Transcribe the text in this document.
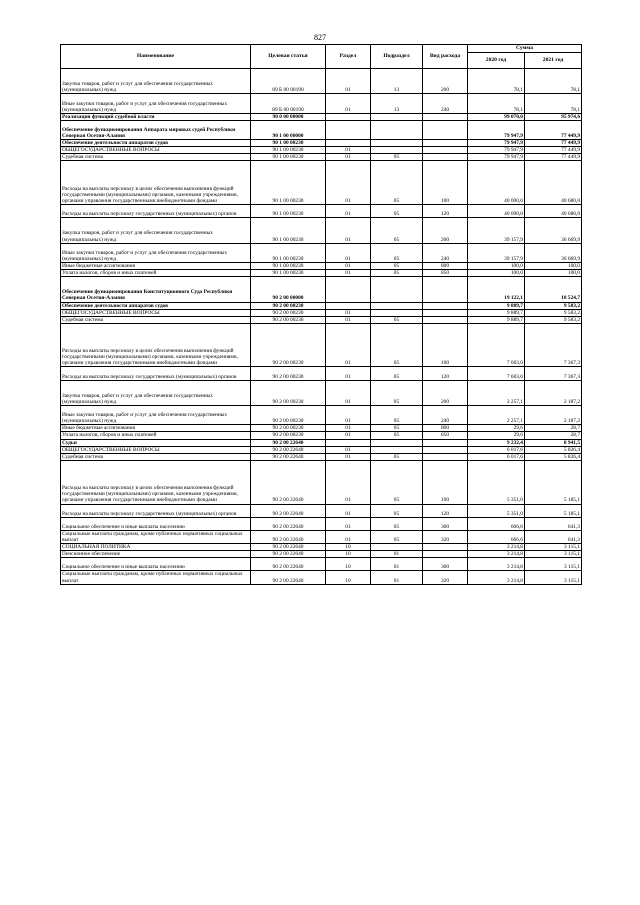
827
Наименование	Целевая статья	Раздел	Подраздел	Вид расхода	Сумма	
					2020 год	2021 год
Закупка товаров, работ и услуг для обеспечения государственных (муниципальных) нужд	89 Б 00 00190	01	13	200	78,1	78,1
Иные закупки товаров, работ и услуг для обеспечения государственных (муниципальных) нужд	89 Б 00 00190	01	13	240	78,1	78,1
Реализация функций судебной власти	90 0 00 00000				99 070,0	95 974,6
Обеспечение функционирования Аппарата мировых судей Республики Северная Осетия-Алания	90 1 00 00000				79 947,9	77 449,9
Обеспечение деятельности аппаратов судов	90 1 00 00230				79 947,9	77 449,9
ОБЩЕГОСУДАРСТВЕННЫЕ ВОПРОСЫ	90 1 00 00230	01			79 947,9	77 449,9
Судебная система	90 1 00 00230	01	05		79 947,9	77 449,9
Расходы на выплаты персоналу в целях обеспечения выполнения функций государственными (муниципальными) органами, казенными учреждениями, органами управления государственными внебюджетными фондами	90 1 00 00230	01	05	100	40 690,0	40 680,0
Расходы на выплаты персоналу государственных (муниципальных) органов	90 1 00 00230	01	05	120	40 690,0	40 680,0
Закупка товаров, работ и услуг для обеспечения государственных (муниципальных) нужд	90 1 00 00230	01	05	200	39 157,9	36 669,9
Иные закупки товаров, работ и услуг для обеспечения государственных (муниципальных) нужд	90 1 00 00230	01	05	240	39 157,9	36 669,9
Иные бюджетные ассигнования	90 1 00 00230	01	05	800	100,0	100,0
Уплата налогов, сборов и иных платежей	90 1 00 00230	01	05	850	100,0	100,0
Обеспечение функционирования Конституционного Суда Республики Северная Осетия-Алания	90 2 00 00000				19 122,1	18 524,7
Обеспечение деятельности аппаратов судов	90 2 00 00230				9 889,7	9 583,2
ОБЩЕГОСУДАРСТВЕННЫЕ ВОПРОСЫ	90 2 00 00230	01			9 889,7	9 583,2
Судебная система	90 2 00 00230	01	05		9 889,7	9 583,2
Расходы на выплаты персоналу в целях обеспечения выполнения функций государственными (муниципальными) органами, казенными учреждениями, органами управления государственными внебюджетными фондами	90 2 00 00230	01	05	100	7 603,0	7 367,3
Расходы на выплаты персоналу государственных (муниципальных) органов	90 2 00 00230	01	05	120	7 603,0	7 367,3
Закупка товаров, работ и услуг для обеспечения государственных (муниципальных) нужд	90 2 00 00230	01	05	200	2 257,1	2 187,2
Иные закупки товаров, работ и услуг для обеспечения государственных (муниципальных) нужд	90 2 00 00230	01	05	240	2 257,1	2 187,2
Иные бюджетные ассигнования	90 2 00 00230	01	05	800	29,6	28,7
Уплата налогов, сборов и иных платежей	90 2 00 00230	01	05	850	29,6	28,7
Судьи	90 2 00 22640				9 232,4	8 941,5
ОБЩЕГОСУДАРСТВЕННЫЕ ВОПРОСЫ	90 2 00 22640	01			6 017,6	5 826,4
Судебная система	90 2 00 22640	01	05		6 017,6	5 826,4
Расходы на выплаты персоналу в целях обеспечения выполнения функций государственными (муниципальными) органами, казенными учреждениями, органами управления государственными внебюджетными фондами	90 2 00 22640	01	05	100	5 351,0	5 185,1
Расходы на выплаты персоналу государственных (муниципальных) органов	90 2 00 22640	01	05	120	5 351,0	5 185,1
Социальное обеспечение и иные выплаты населению	90 2 00 22640	01	05	300	666,6	641,3
Социальные выплаты гражданам, кроме публичных нормативных социальных выплат	90 2 00 22640	01	05	320	666,6	641,3
СОЦИАЛЬНАЯ ПОЛИТИКА	90 2 00 22640	10			3 214,8	3 115,1
Пенсионное обеспечение	90 2 00 22640	10	01		3 214,8	3 115,1
Социальное обеспечение и иные выплаты населению	90 2 00 22640	10	01	300	3 214,8	3 115,1
Социальные выплаты гражданам, кроме публичных нормативных социальных выплат	90 2 00 22640	10	01	320	3 214,8	3 115,1
